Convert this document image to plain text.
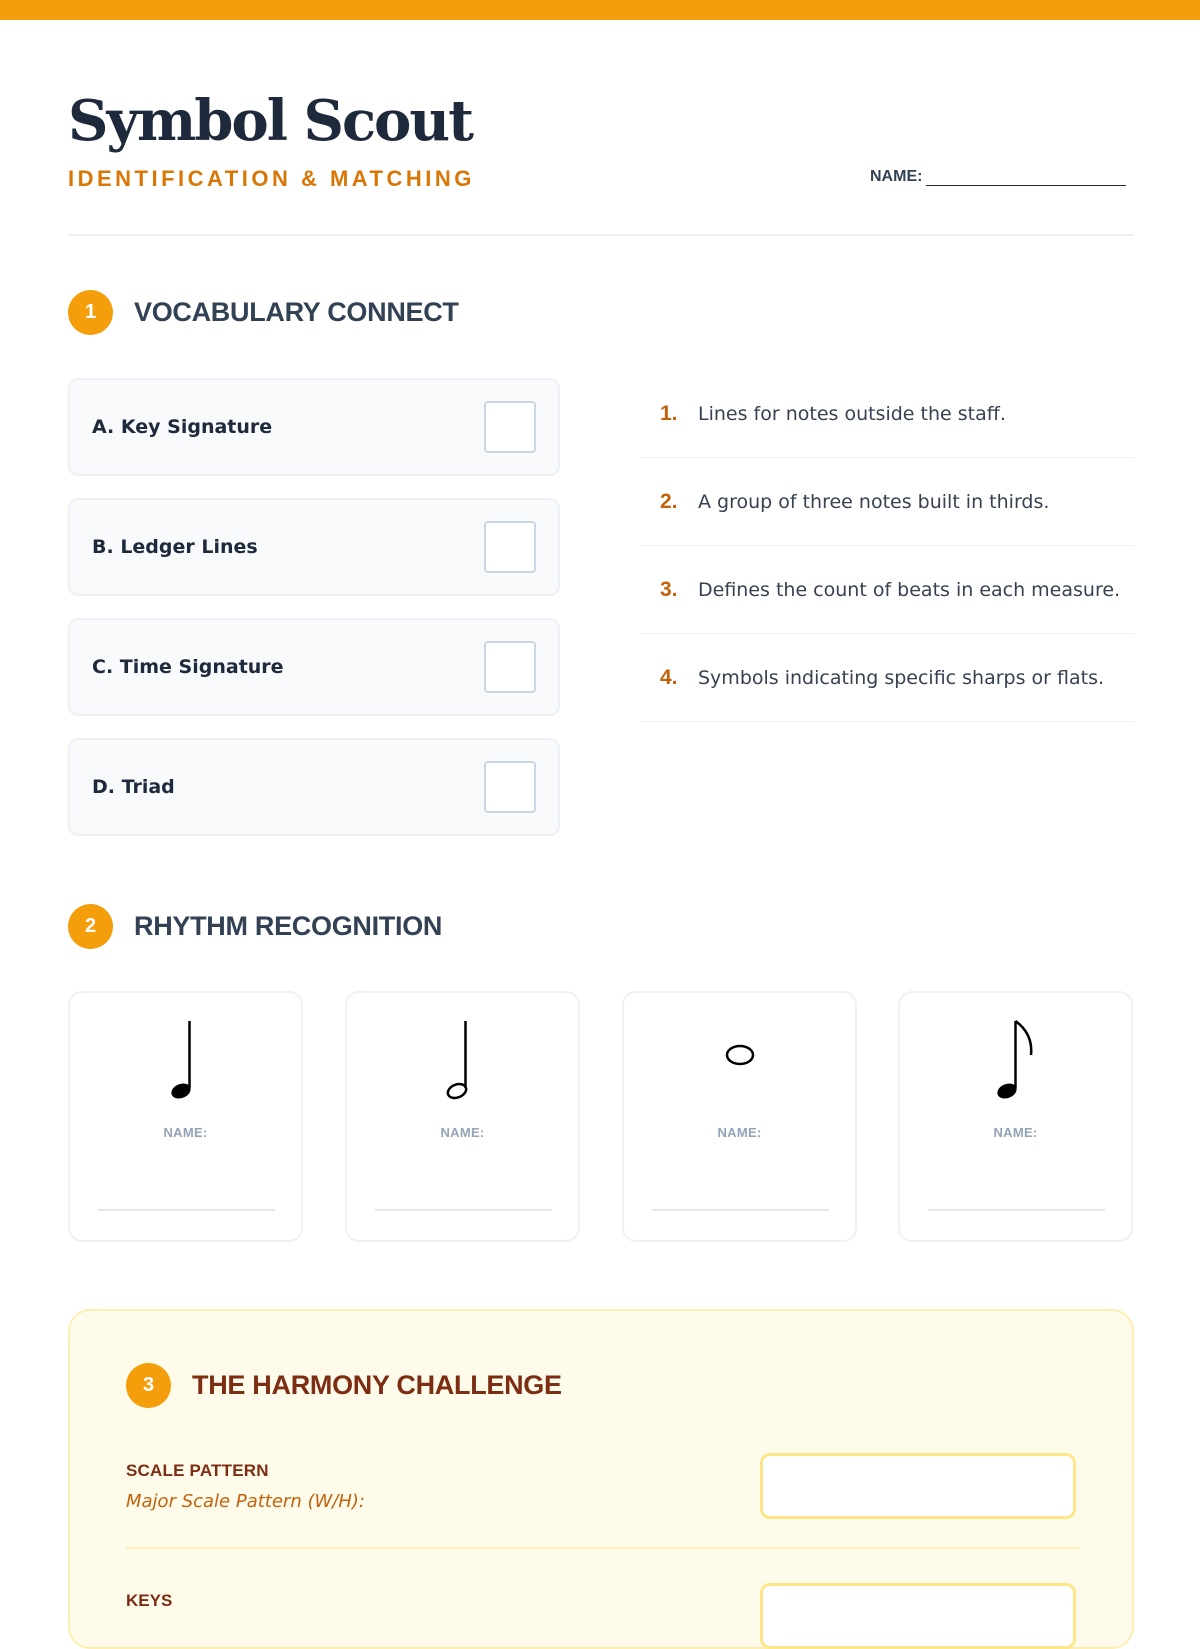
Symbol Scout
IDENTIFICATION & MATCHING	NAME:
1	VOCABULARY CONNECT
A. Key Signature
B. Ledger Lines
C. Time Signature
D. Triad
1.	Lines for notes outside the staff.
2.	A group of three notes built in thirds.
3.	Defines the count of beats in each measure.
4.	Symbols indicating specific sharps or flats.
2	RHYTHM RECOGNITION
NAME:	NAME:	NAME:	NAME:
3	THE HARMONY CHALLENGE
SCALE PATTERN
Major Scale Pattern (W/H):
KEYS
